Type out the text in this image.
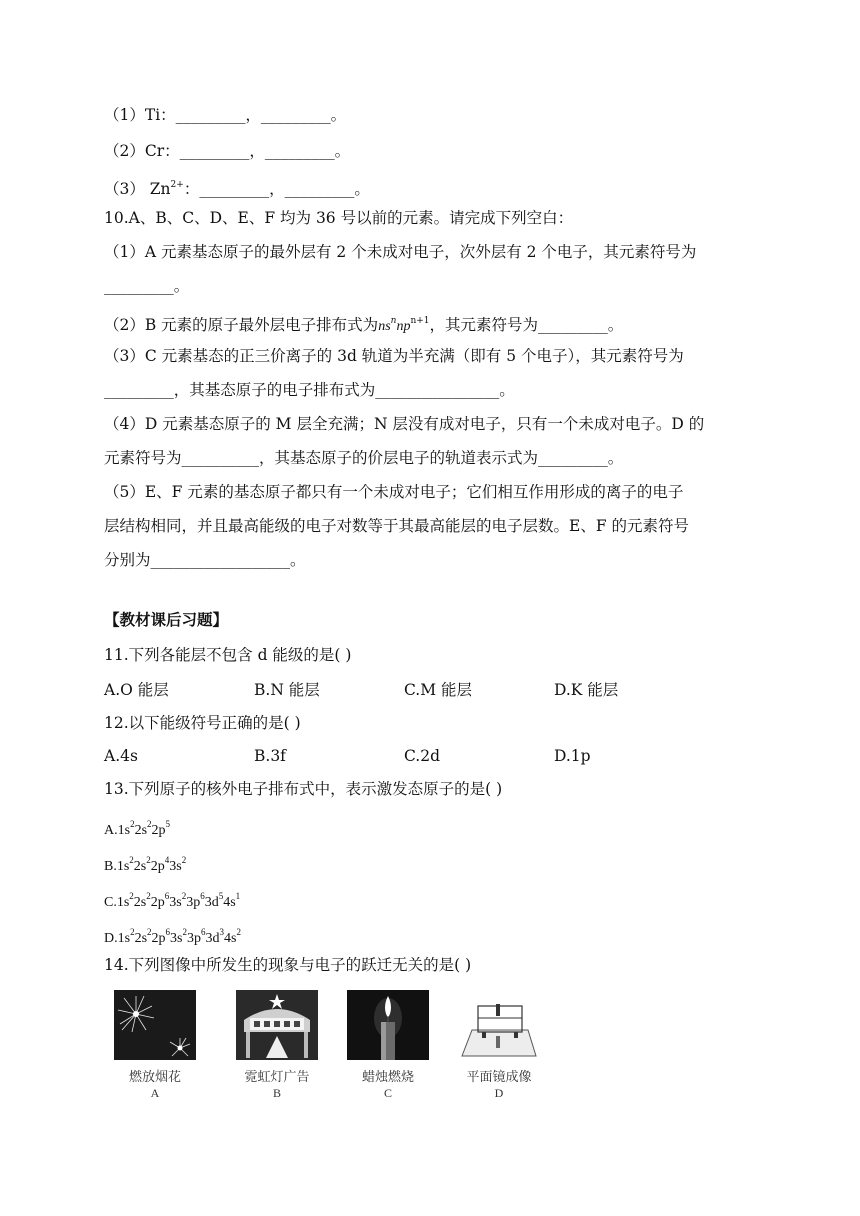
（1）Ti：_________，_________。
（2）Cr：_________，_________。
（3） $Zn^{2+}$：_________，_________。
10.A、B、C、D、E、F 均为 36 号以前的元素。请完成下列空白：
（1）A 元素基态原子的最外层有 2 个未成对电子，次外层有 2 个电子，其元素符号为
_________。
（2）B 元素的原子最外层电子排布式为$ns^nnp^{n+1}$，其元素符号为_________。
（3）C 元素基态的正三价离子的 3d 轨道为半充满（即有 5 个电子），其元素符号为
_________，其基态原子的电子排布式为________________。
（4）D 元素基态原子的 M 层全充满；N 层没有成对电子，只有一个未成对电子。D 的
元素符号为__________，其基态原子的价层电子的轨道表示式为_________。
（5）E、F 元素的基态原子都只有一个未成对电子；它们相互作用形成的离子的电子
层结构相同，并且最高能级的电子对数等于其最高能层的电子层数。E、F 的元素符号
分别为__________________。
【教材课后习题】
11.下列各能层不包含 d 能级的是( )
A.O 能层	B.N 能层	C.M 能层	D.K 能层
12.以下能级符号正确的是( )
A.4s	B.3f	C.2d	D.1p
13.下列原子的核外电子排布式中，表示激发态原子的是( )
$A.1s^22s^22p^5$
$B.1s^22s^22p^43s^2$
$C.1s^22s^22p^63s^23p^63d^54s^1$
$D.1s^22s^22p^63s^23p^63d^34s^2$
14.下列图像中所发生的现象与电子的跃迁无关的是( )
燃放烟花	霓虹灯广告	蜡烛燃烧	平面镜成像
A	B	C	D
